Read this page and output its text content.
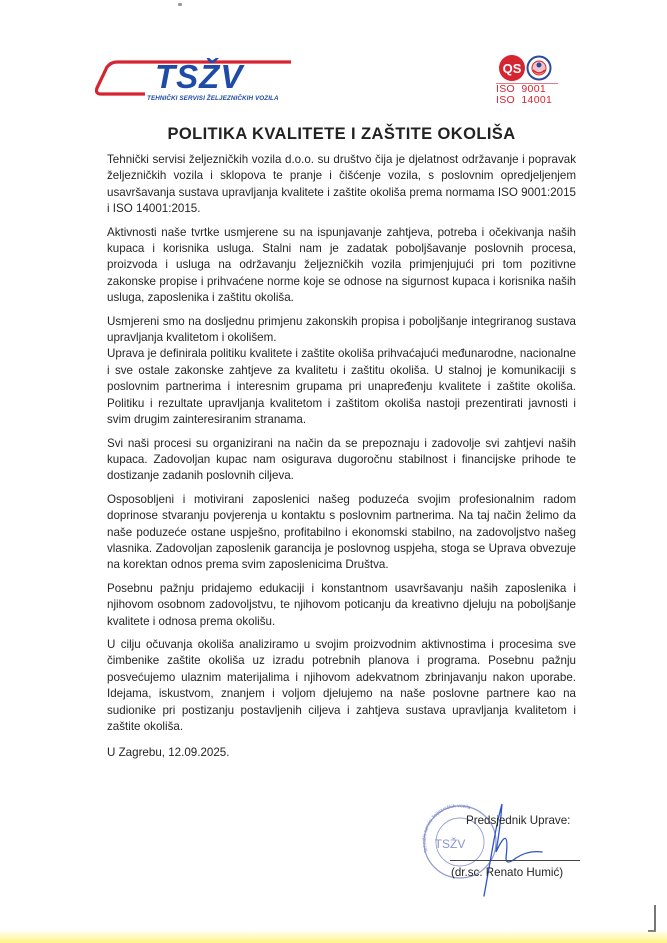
TSŽV
TEHNIČKI SERVISI ŽELJEZNIČKIH VOZILA
QS
ISO  9001
ISO  14001
POLITIKA KVALITETE I ZAŠTITE OKOLIŠA

Tehnički servisi željezničkih vozila d.o.o. su društvo čija je djelatnost održavanje i popravak željezničkih vozila i sklopova te pranje i čišćenje vozila, s poslovnim opredjeljenjem usavršavanja sustava upravljanja kvalitete i zaštite okoliša prema normama ISO 9001:2015 i ISO 14001:2015.

Aktivnosti naše tvrtke usmjerene su na ispunjavanje zahtjeva, potreba i očekivanja naših kupaca i korisnika usluga. Stalni nam je zadatak poboljšavanje poslovnih procesa, proizvoda i usluga na održavanju željezničkih vozila primjenjujući pri tom pozitivne zakonske propise i prihvaćene norme koje se odnose na sigurnost kupaca i korisnika naših usluga, zaposlenika i zaštitu okoliša.

Usmjereni smo na dosljednu primjenu zakonskih propisa i poboljšanje integriranog sustava upravljanja kvalitetom i okolišem.

Uprava je definirala politiku kvalitete i zaštite okoliša prihvaćajući međunarodne, nacionalne i sve ostale zakonske zahtjeve za kvalitetu i zaštitu okoliša. U stalnoj je komunikaciji s poslovnim partnerima i interesnim grupama pri unapređenju kvalitete i zaštite okoliša. Politiku i rezultate upravljanja kvalitetom i zaštitom okoliša nastoji prezentirati javnosti i svim drugim zainteresiranim stranama.

Svi naši procesi su organizirani na način da se prepoznaju i zadovolje svi zahtjevi naših kupaca. Zadovoljan kupac nam osigurava dugoročnu stabilnost i financijske prihode te dostizanje zadanih poslovnih ciljeva.

Osposobljeni i motivirani zaposlenici našeg poduzeća svojim profesionalnim radom doprinose stvaranju povjerenja u kontaktu s poslovnim partnerima. Na taj način želimo da naše poduzeće ostane uspješno, profitabilno i ekonomski stabilno, na zadovoljstvo našeg vlasnika. Zadovoljan zaposlenik garancija je poslovnog uspjeha, stoga se Uprava obvezuje na korektan odnos prema svim zaposlenicima Društva.

Posebnu pažnju pridajemo edukaciji i konstantnom usavršavanju naših zaposlenika i njihovom osobnom zadovoljstvu, te njihovom poticanju da kreativno djeluju na poboljšanje kvalitete i odnosa prema okolišu.

U cilju očuvanja okoliša analiziramo u svojim proizvodnim aktivnostima i procesima sve čimbenike zaštite okoliša uz izradu potrebnih planova i programa. Posebnu pažnju posvećujemo ulaznim materijalima i njihovom adekvatnom zbrinjavanju nakon uporabe. Idejama, iskustvom, znanjem i voljom djelujemo na naše poslovne partnere kao na sudionike pri postizanju postavljenih ciljeva i zahtjeva sustava upravljanja kvalitetom i zaštite okoliša.

U Zagrebu, 12.09.2025.
Tehnički servisi željezničkih vozila
TSŽV
Predsjednik Uprave:
(dr.sc. Renato Humić)
